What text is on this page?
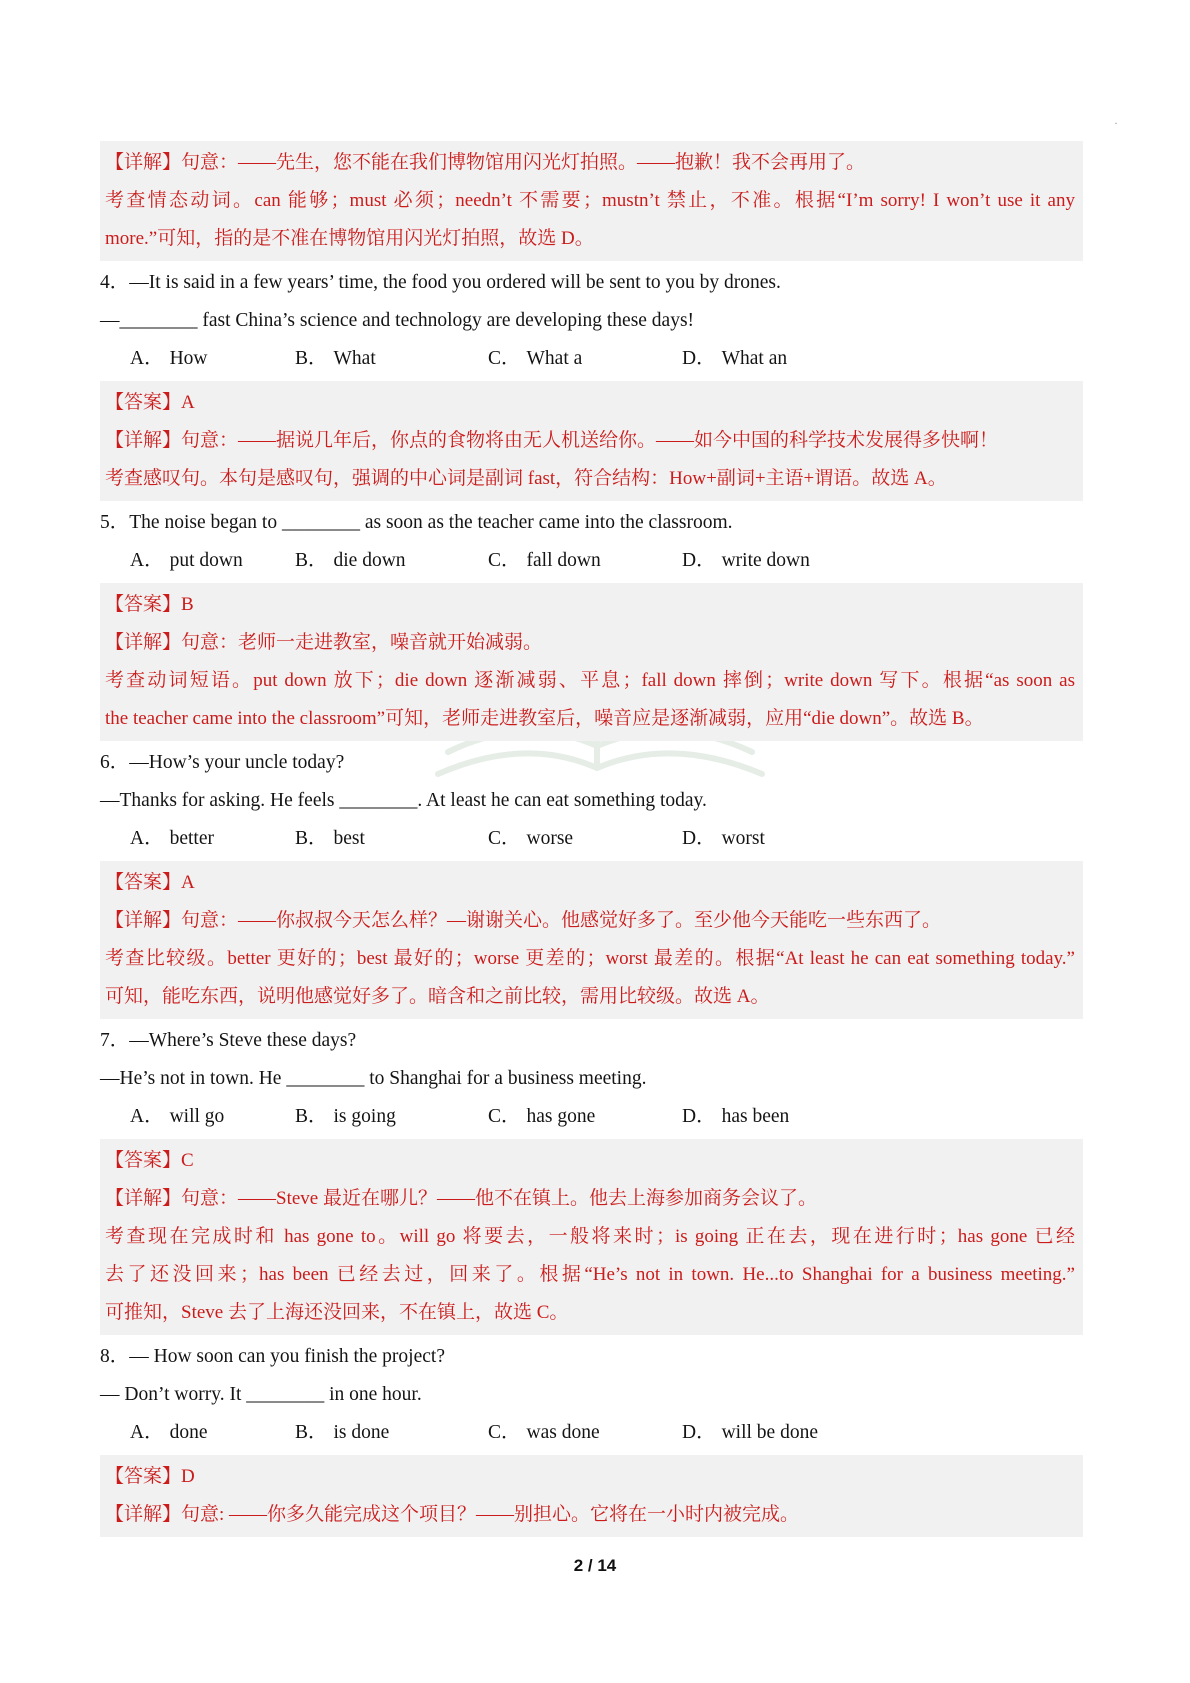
·
【详解】句意：——先生，您不能在我们博物馆用闪光灯拍照。——抱歉！我不会再用了。
考查情态动词。can 能够；must 必须；needn’t 不需要；mustn’t 禁止，不准。根据“I’m sorry! I won’t use it any
more.”可知，指的是不准在博物馆用闪光灯拍照，故选 D。
4．—It is said in a few years’ time, the food you ordered will be sent to you by drones.
—________ fast China’s science and technology are developing these days!
A． How	B． What	C． What a	D． What an
【答案】A
【详解】句意：——据说几年后，你点的食物将由无人机送给你。——如今中国的科学技术发展得多快啊！
考查感叹句。本句是感叹句，强调的中心词是副词 fast，符合结构：How+副词+主语+谓语。故选 A。
5．The noise began to ________ as soon as the teacher came into the classroom.
A． put down	B． die down	C． fall down	D． write down
【答案】B
【详解】句意：老师一走进教室，噪音就开始减弱。
考查动词短语。put down 放下；die down 逐渐减弱、平息；fall down 摔倒；write down 写下。根据“as soon as
the teacher came into the classroom”可知，老师走进教室后，噪音应是逐渐减弱，应用“die down”。故选 B。
6．—How’s your uncle today?
—Thanks for asking. He feels ________. At least he can eat something today.
A． better	B． best	C． worse	D． worst
【答案】A
【详解】句意：——你叔叔今天怎么样？—谢谢关心。他感觉好多了。至少他今天能吃一些东西了。
考查比较级。better 更好的；best 最好的；worse 更差的；worst 最差的。根据“At least he can eat something today.”
可知，能吃东西，说明他感觉好多了。暗含和之前比较，需用比较级。故选 A。
7．—Where’s Steve these days?
—He’s not in town. He ________ to Shanghai for a business meeting.
A． will go	B． is going	C． has gone	D． has been
【答案】C
【详解】句意：——Steve 最近在哪儿？——他不在镇上。他去上海参加商务会议了。
考查现在完成时和 has gone to。will go 将要去，一般将来时；is going 正在去，现在进行时；has gone 已经
去了还没回来；has been 已经去过，回来了。根据“He’s not in town. He...to Shanghai for a business meeting.”
可推知，Steve 去了上海还没回来，不在镇上，故选 C。
8．— How soon can you finish the project?
— Don’t worry. It ________ in one hour.
A． done	B． is done	C． was done	D． will be done
【答案】D
【详解】句意: ——你多久能完成这个项目？——别担心。它将在一小时内被完成。
2 / 14
